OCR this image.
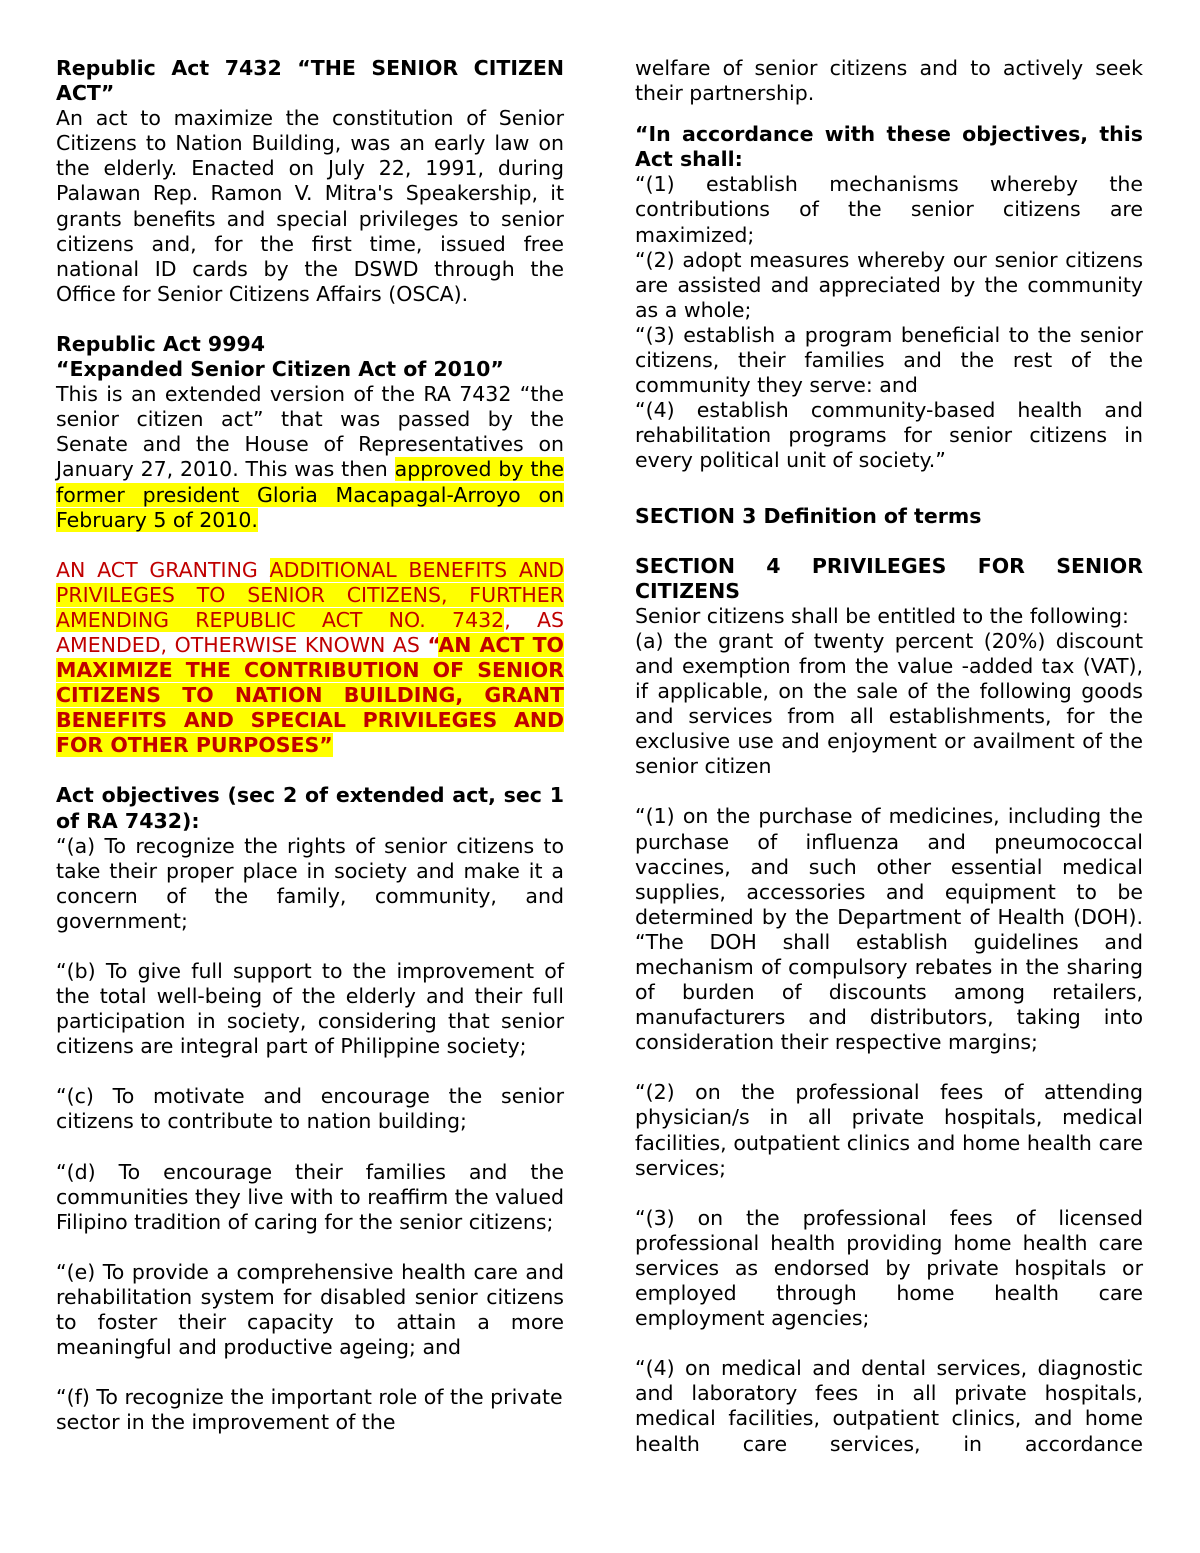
Republic Act 7432 “THE SENIOR CITIZEN ACT”

An act to maximize the constitution of Senior Citizens to Nation Building, was an early law on the elderly. Enacted on July 22, 1991, during Palawan Rep. Ramon V. Mitra's Speakership, it grants benefits and special privileges to senior citizens and, for the first time, issued free national ID cards by the DSWD through the Office for Senior Citizens Affairs (OSCA).

Republic Act 9994

“Expanded Senior Citizen Act of 2010”

This is an extended version of the RA 7432 “the senior citizen act” that was passed by the Senate and the House of Representatives on January 27, 2010. This was then approved by the former president Gloria Macapagal-Arroyo on February 5 of 2010.

AN ACT GRANTING ADDITIONAL BENEFITS AND PRIVILEGES TO SENIOR CITIZENS, FURTHER AMENDING REPUBLIC ACT NO. 7432, AS AMENDED, OTHERWISE KNOWN AS “AN ACT TO MAXIMIZE THE CONTRIBUTION OF SENIOR CITIZENS TO NATION BUILDING, GRANT BENEFITS AND SPECIAL PRIVILEGES AND FOR OTHER PURPOSES”

Act objectives (sec 2 of extended act, sec 1 of RA 7432):

“(a) To recognize the rights of senior citizens to take their proper place in society and make it a concern of the family, community, and government;

“(b) To give full support to the improvement of the total well-being of the elderly and their full participation in society, considering that senior citizens are integral part of Philippine society;

“(c) To motivate and encourage the senior citizens to contribute to nation building;

“(d) To encourage their families and the communities they live with to reaffirm the valued Filipino tradition of caring for the senior citizens;

“(e) To provide a comprehensive health care and rehabilitation system for disabled senior citizens to foster their capacity to attain a more meaningful and productive ageing; and

“(f) To recognize the important role of the private sector in the improvement of the

welfare of senior citizens and to actively seek their partnership.

“In accordance with these objectives, this Act shall:

“(1) establish mechanisms whereby the contributions of the senior citizens are maximized;

“(2) adopt measures whereby our senior citizens are assisted and appreciated by the community as a whole;

“(3) establish a program beneficial to the senior citizens, their families and the rest of the community they serve: and

“(4) establish community-based health and rehabilitation programs for senior citizens in every political unit of society.”

SECTION 3 Definition of terms

SECTION 4 PRIVILEGES FOR SENIOR CITIZENS

Senior citizens shall be entitled to the following:

(a) the grant of twenty percent (20%) discount and exemption from the value -added tax (VAT), if applicable, on the sale of the following goods and services from all establishments, for the exclusive use and enjoyment or availment of the senior citizen

“(1) on the purchase of medicines, including the purchase of influenza and pneumococcal vaccines, and such other essential medical supplies, accessories and equipment to be determined by the Department of Health (DOH). “The DOH shall establish guidelines and mechanism of compulsory rebates in the sharing of burden of discounts among retailers, manufacturers and distributors, taking into consideration their respective margins;

“(2) on the professional fees of attending physician/s in all private hospitals, medical facilities, outpatient clinics and home health care services;

“(3) on the professional fees of licensed professional health providing home health care services as endorsed by private hospitals or employed through home health care employment agencies;

“(4) on medical and dental services, diagnostic and laboratory fees in all private hospitals, medical facilities, outpatient clinics, and home health care services, in accordance
